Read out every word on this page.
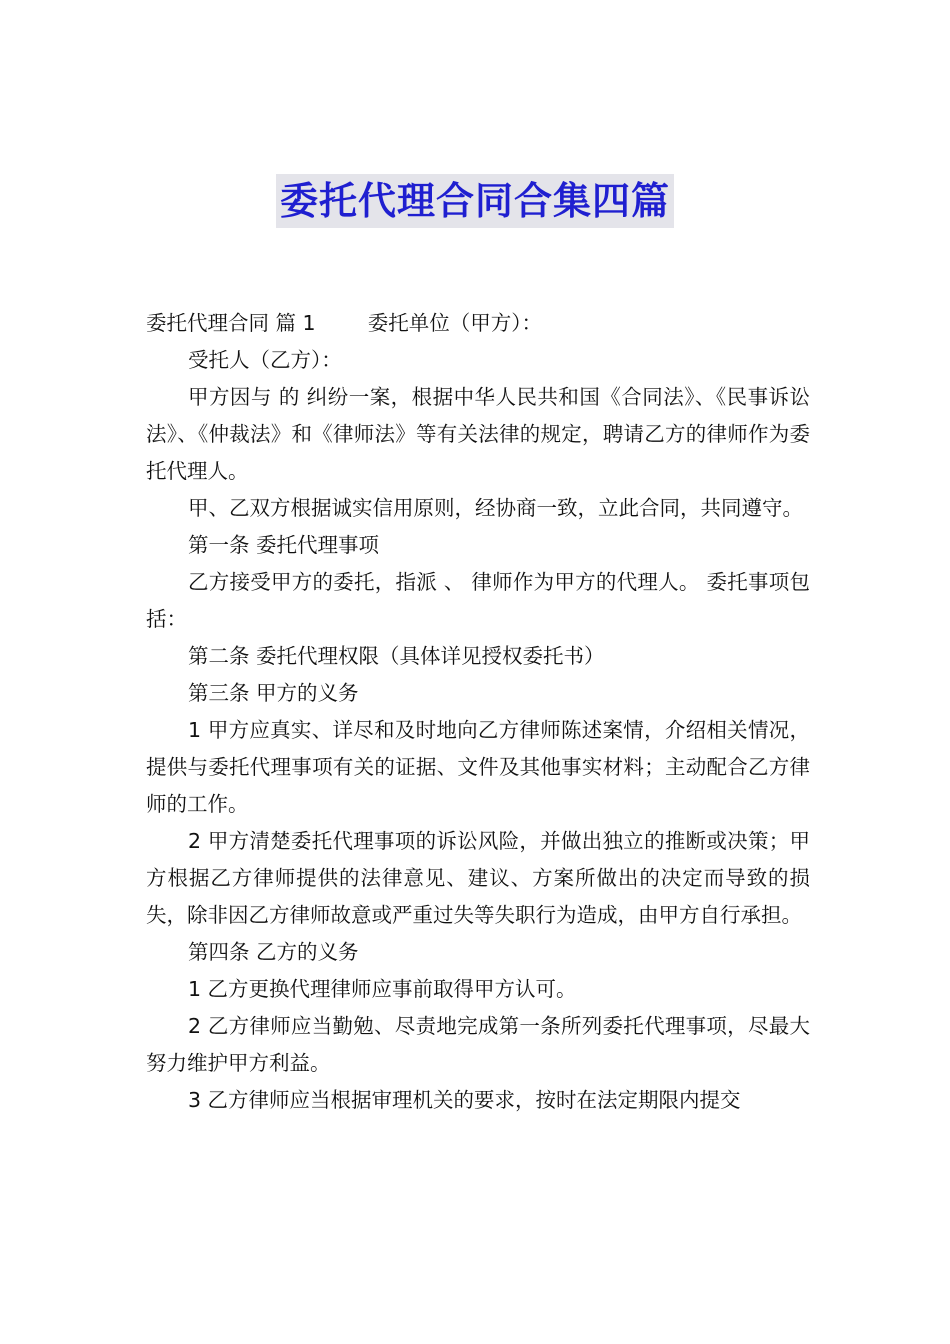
委托代理合同合集四篇

委托代理合同 篇 1        委托单位（甲方）：

受托人（乙方）：

甲方因与 的 纠纷一案，根据中华人民共和国《合同法》、《民事诉讼法》、《仲裁法》和《律师法》等有关法律的规定，聘请乙方的律师作为委托代理人。

甲、乙双方根据诚实信用原则，经协商一致，立此合同，共同遵守。

第一条 委托代理事项

乙方接受甲方的委托，指派 、 律师作为甲方的代理人。 委托事项包括：

第二条 委托代理权限（具体详见授权委托书）

第三条 甲方的义务

1 甲方应真实、详尽和及时地向乙方律师陈述案情，介绍相关情况，提供与委托代理事项有关的证据、文件及其他事实材料；主动配合乙方律师的工作。

2 甲方清楚委托代理事项的诉讼风险，并做出独立的推断或决策；甲方根据乙方律师提供的法律意见、建议、方案所做出的决定而导致的损失，除非因乙方律师故意或严重过失等失职行为造成，由甲方自行承担。

第四条 乙方的义务

1 乙方更换代理律师应事前取得甲方认可。

2 乙方律师应当勤勉、尽责地完成第一条所列委托代理事项，尽最大努力维护甲方利益。

3 乙方律师应当根据审理机关的要求，按时在法定期限内提交
